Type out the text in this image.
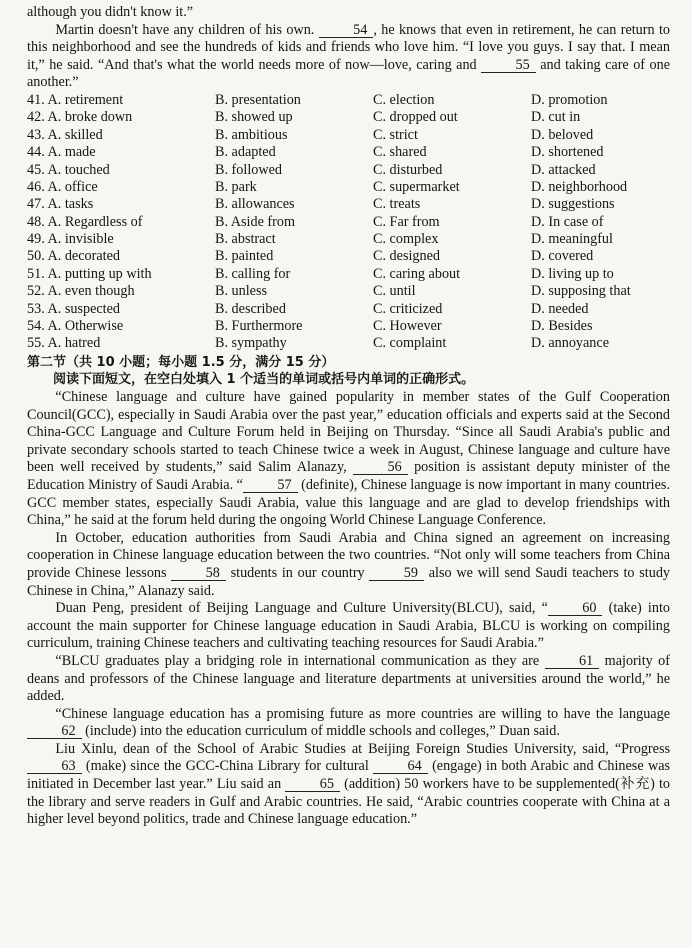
although you didn't know it.”

Martin doesn't have any children of his own.	54 , he knows that even in retirement, he can return to this neighborhood and see the hundreds of kids and friends who love him. “I love you guys. I say that. I mean it,” he said. “And that's what the world needs more of now—love, caring and	55 and taking care of one another.”

41. A. retirement	B. presentation	C. election	D. promotion
42. A. broke down	B. showed up	C. dropped out	D. cut in
43. A. skilled	B. ambitious	C. strict	D. beloved
44. A. made	B. adapted	C. shared	D. shortened
45. A. touched	B. followed	C. disturbed	D. attacked
46. A. office	B. park	C. supermarket	D. neighborhood
47. A. tasks	B. allowances	C. treats	D. suggestions
48. A. Regardless of	B. Aside from	C. Far from	D. In case of
49. A. invisible	B. abstract	C. complex	D. meaningful
50. A. decorated	B. painted	C. designed	D. covered
51. A. putting up with	B. calling for	C. caring about	D. living up to
52. A. even though	B. unless	C. until	D. supposing that
53. A. suspected	B. described	C. criticized	D. needed
54. A. Otherwise	B. Furthermore	C. However	D. Besides
55. A. hatred	B. sympathy	C. complaint	D. annoyance

第二节（共 10 小题；每小题 1.5 分，满分 15 分）

阅读下面短文，在空白处填入 1 个适当的单词或括号内单词的正确形式。

“Chinese language and culture have gained popularity in member states of the Gulf Cooperation Council(GCC), especially in Saudi Arabia over the past year,” education officials and experts said at the Second China-GCC Language and Culture Forum held in Beijing on Thursday. “Since all Saudi Arabia's public and private secondary schools started to teach Chinese twice a week in August, Chinese language and culture have been well received by students,” said Salim Alanazy,	56 position is assistant deputy minister of the Education Ministry of Saudi Arabia. “ 57 (definite), Chinese language is now important in many countries. GCC member states, especially Saudi Arabia, value this language and are glad to develop friendships with China,” he said at the forum held during the ongoing World Chinese Language Conference.

In October, education authorities from Saudi Arabia and China signed an agreement on increasing cooperation in Chinese language education between the two countries. “Not only will some teachers from China provide Chinese lessons	58 students in our country	59 also we will send Saudi teachers to study Chinese in China,” Alanazy said.

Duan Peng, president of Beijing Language and Culture University(BLCU), said, “ 60 (take) into account the main supporter for Chinese language education in Saudi Arabia, BLCU is working on compiling curriculum, training Chinese teachers and cultivating teaching resources for Saudi Arabia.”

“BLCU graduates play a bridging role in international communication as they are	61 majority of deans and professors of the Chinese language and literature departments at universities around the world,” he added.

“Chinese language education has a promising future as more countries are willing to have the language 62 (include) into the education curriculum of middle schools and colleges,” Duan said.

Liu Xinlu, dean of the School of Arabic Studies at Beijing Foreign Studies University, said, “Progress 63 (make) since the GCC-China Library for cultural	64 (engage) in both Arabic and Chinese was initiated in December last year.” Liu said an	65 (addition) 50 workers have to be supplemented(补充) to the library and serve readers in Gulf and Arabic countries. He said, “Arabic countries cooperate with China at a higher level beyond politics, trade and Chinese language education.”
